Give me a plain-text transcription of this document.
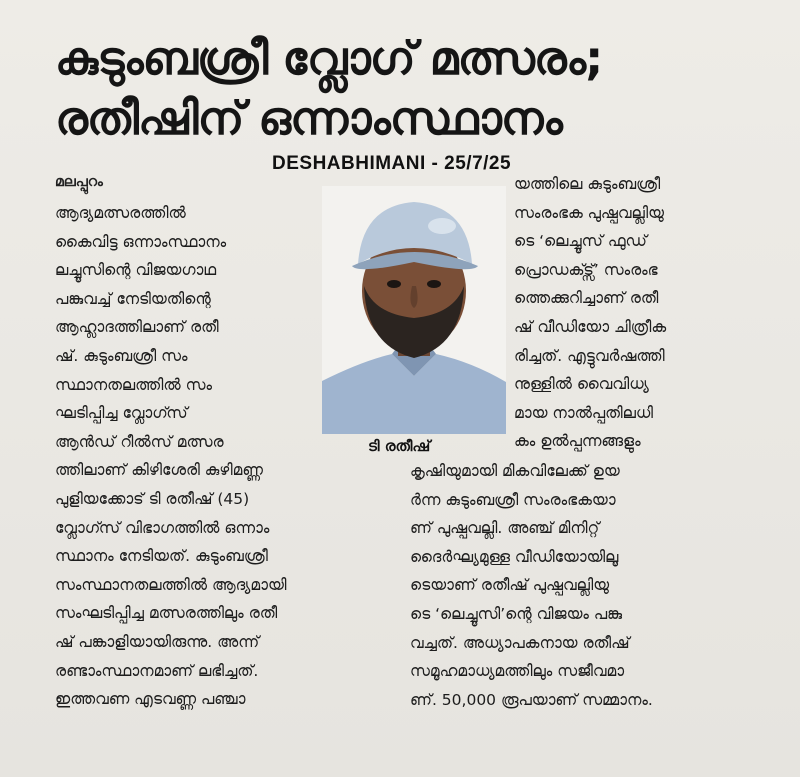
കുടുംബശ്രീ വ്ലോഗ് മത്സരം;
രതീഷിന് ഒന്നാംസ്ഥാനം
DESHABHIMANI - 25/7/25
മലപ്പുറം
ആദ്യമത്സരത്തിൽ
കൈവിട്ട ഒന്നാംസ്ഥാനം
ലച്ചൂസിന്റെ വിജയഗാഥ
പങ്കുവച്ച് നേടിയതിന്റെ
ആഹ്ലാദത്തിലാണ് രതീ
ഷ്. കുടുംബശ്രീ സം
സ്ഥാനതലത്തിൽ സം
ഘടിപ്പിച്ച വ്ലോഗ്സ്
ആൻഡ് റീൽസ് മത്സര
ത്തിലാണ് കിഴിശേരി കുഴിമണ്ണ
പുളിയക്കോട് ടി രതീഷ് (45)
വ്ലോഗ്സ് വിഭാഗത്തിൽ ഒന്നാം
സ്ഥാനം നേടിയത്. കുടുംബശ്രീ
സംസ്ഥാനതലത്തിൽ ആദ്യമായി
സംഘടിപ്പിച്ച മത്സരത്തിലും രതീ
ഷ് പങ്കാളിയായിരുന്നു. അന്ന്
രണ്ടാംസ്ഥാനമാണ് ലഭിച്ചത്.
ഇത്തവണ എടവണ്ണ പഞ്ചാ
ടി രതീഷ്
യത്തിലെ കുടുംബശ്രീ
സംരംഭക പുഷ്പവല്ലിയു
ടെ ‘ലെച്ചൂസ് ഫുഡ്
പ്രൊഡക്ട്സ്’ സംരംഭ
ത്തെക്കുറിച്ചാണ് രതീ
ഷ് വീഡിയോ ചിത്രീക
രിച്ചത്. എട്ടുവർഷത്തി
നുള്ളിൽ വൈവിധ്യ
മായ നാൽപ്പതിലധി
കം ഉൽപ്പന്നങ്ങളും
കൃഷിയുമായി മികവിലേക്ക് ഉയ
ർന്ന കുടുംബശ്രീ സംരംഭകയാ
ണ് പുഷ്പവല്ലി. അഞ്ച് മിനിറ്റ്
ദൈർഘ്യമുള്ള വീഡിയോയിലൂ
ടെയാണ് രതീഷ് പുഷ്പവല്ലിയു
ടെ ‘ലെച്ചൂസി’ന്റെ വിജയം പങ്കു
വച്ചത്. അധ്യാപകനായ രതീഷ്
സമൂഹമാധ്യമത്തിലും സജീവമാ
ണ്. 50,000 രൂപയാണ് സമ്മാനം.
